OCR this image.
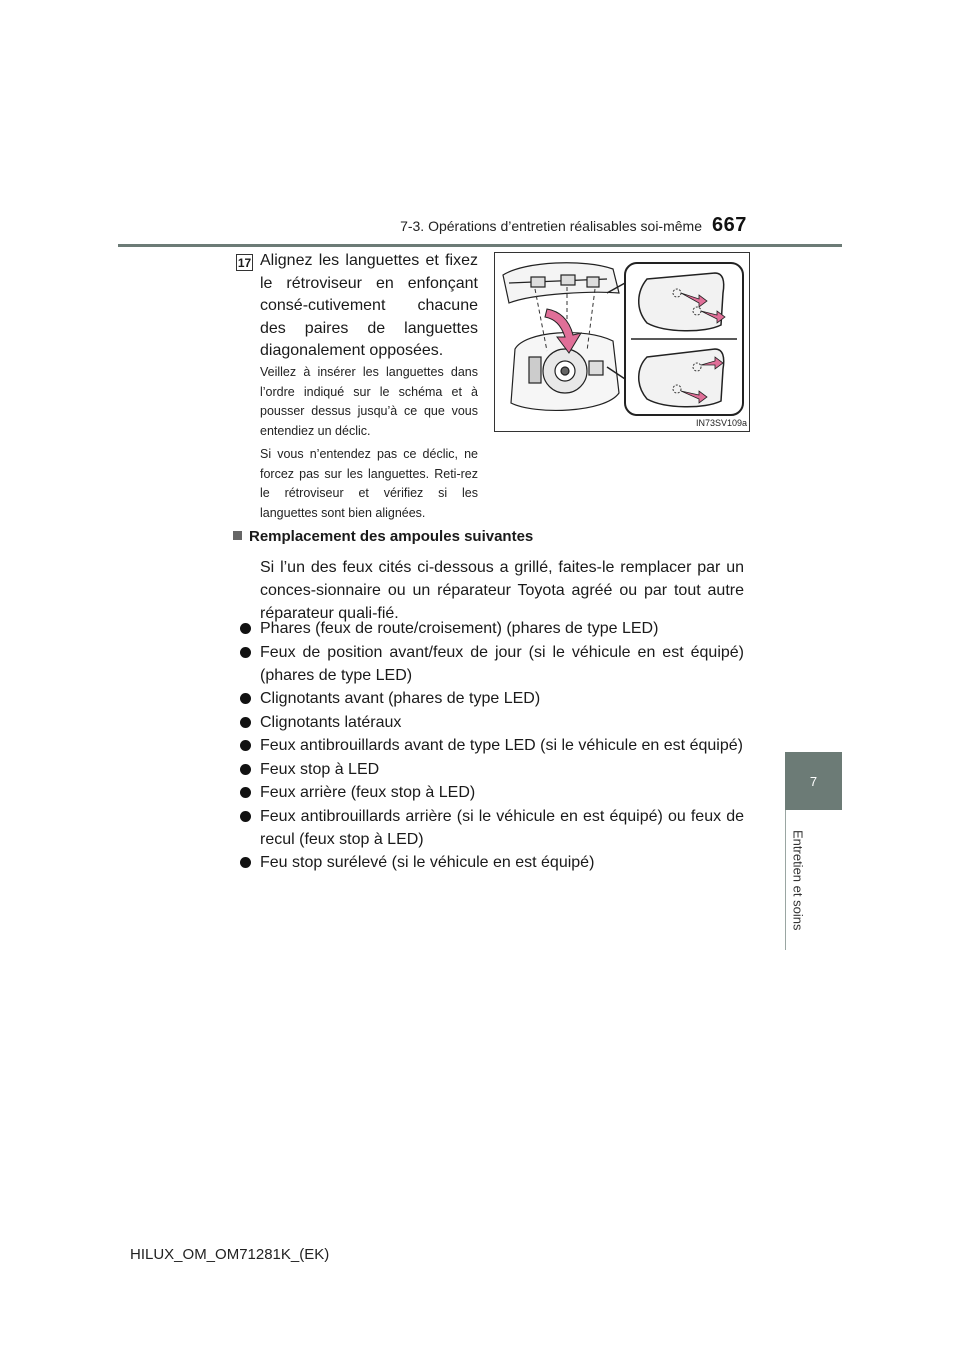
7-3. Opérations d’entretien réalisables soi-même 667
7
Entretien et soins
17 Alignez les languettes et fixez le rétroviseur en enfonçant consé-cutivement chacune des paires de languettes diagonalement opposées.
Veillez à insérer les languettes dans l’ordre indiqué sur le schéma et à pousser dessus jusqu’à ce que vous entendiez un déclic.
Si vous n’entendez pas ce déclic, ne forcez pas sur les languettes. Reti-rez le rétroviseur et vérifiez si les languettes sont bien alignées.
IN73SV109a
Remplacement des ampoules suivantes
Si l’un des feux cités ci-dessous a grillé, faites-le remplacer par un conces-sionnaire ou un réparateur Toyota agréé ou par tout autre réparateur quali-fié.
Phares (feux de route/croisement) (phares de type LED)
Feux de position avant/feux de jour (si le véhicule en est équipé) (phares de type LED)
Clignotants avant (phares de type LED)
Clignotants latéraux
Feux antibrouillards avant de type LED (si le véhicule en est équipé)
Feux stop à LED
Feux arrière (feux stop à LED)
Feux antibrouillards arrière (si le véhicule en est équipé) ou feux de recul (feux stop à LED)
Feu stop surélevé (si le véhicule en est équipé)
HILUX_OM_OM71281K_(EK)
